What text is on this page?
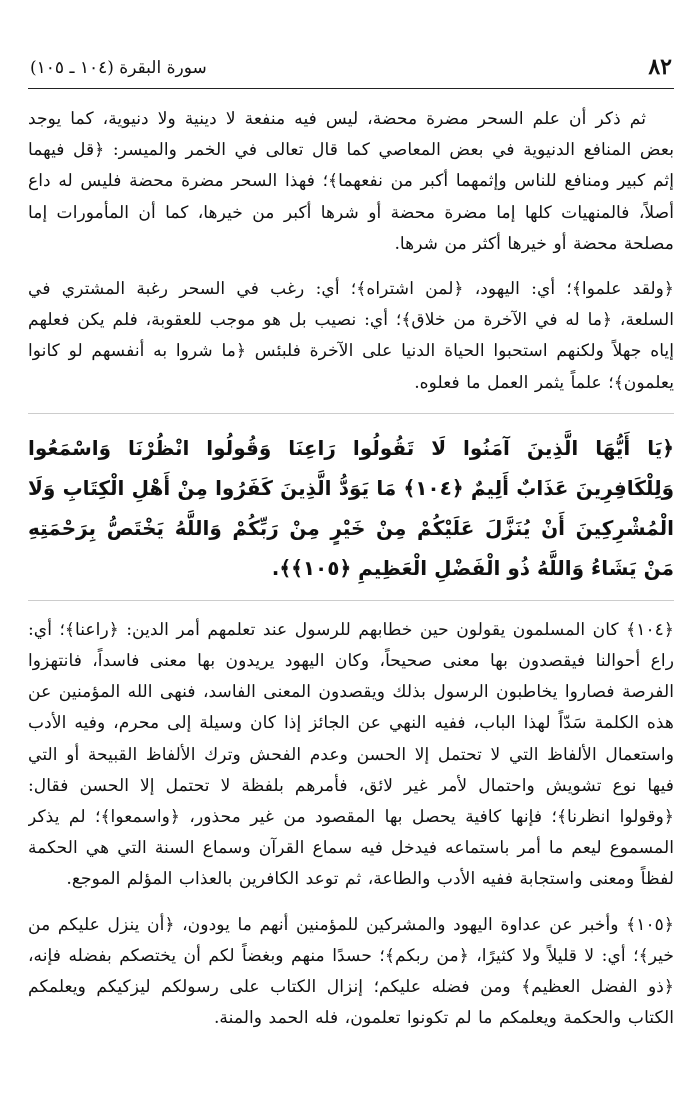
٨٢
سورة البقرة (١٠٤ ـ ١٠٥)

ثم ذكر أن علم السحر مضرة محضة، ليس فيه منفعة لا دينية ولا دنيوية، كما يوجد بعض المنافع الدنيوية في بعض المعاصي كما قال تعالى في الخمر والميسر: ﴿قل فيهما إثم كبير ومنافع للناس وإثمهما أكبر من نفعهما﴾؛ فهذا السحر مضرة محضة فليس له داع أصلاً، فالمنهيات كلها إما مضرة محضة أو شرها أكبر من خيرها، كما أن المأمورات إما مصلحة محضة أو خيرها أكثر من شرها.

﴿ولقد علموا﴾؛ أي: اليهود، ﴿لمن اشتراه﴾؛ أي: رغب في السحر رغبة المشتري في السلعة، ﴿ما له في الآخرة من خلاق﴾؛ أي: نصيب بل هو موجب للعقوبة، فلم يكن فعلهم إياه جهلاً ولكنهم استحبوا الحياة الدنيا على الآخرة فلبئس ﴿ما شروا به أنفسهم لو كانوا يعلمون﴾؛ علماً يثمر العمل ما فعلوه.

﴿يَا أَيُّهَا الَّذِينَ آمَنُوا لَا تَقُولُوا رَاعِنَا وَقُولُوا انْظُرْنَا وَاسْمَعُوا وَلِلْكَافِرِينَ عَذَابٌ أَلِيمٌ ﴿١٠٤﴾ مَا يَوَدُّ الَّذِينَ كَفَرُوا مِنْ أَهْلِ الْكِتَابِ وَلَا الْمُشْرِكِينَ أَنْ يُنَزَّلَ عَلَيْكُمْ مِنْ خَيْرٍ مِنْ رَبِّكُمْ وَاللَّهُ يَخْتَصُّ بِرَحْمَتِهِ مَنْ يَشَاءُ وَاللَّهُ ذُو الْفَضْلِ الْعَظِيمِ ﴿١٠٥﴾﴾.

﴿١٠٤﴾ كان المسلمون يقولون حين خطابهم للرسول عند تعلمهم أمر الدين: ﴿راعنا﴾؛ أي: راع أحوالنا فيقصدون بها معنى صحيحاً، وكان اليهود يريدون بها معنى فاسداً، فانتهزوا الفرصة فصاروا يخاطبون الرسول بذلك ويقصدون المعنى الفاسد، فنهى الله المؤمنين عن هذه الكلمة سَدّاً لهذا الباب، ففيه النهي عن الجائز إذا كان وسيلة إلى محرم، وفيه الأدب واستعمال الألفاظ التي لا تحتمل إلا الحسن وعدم الفحش وترك الألفاظ القبيحة أو التي فيها نوع تشويش واحتمال لأمر غير لائق، فأمرهم بلفظة لا تحتمل إلا الحسن فقال: ﴿وقولوا انظرنا﴾؛ فإنها كافية يحصل بها المقصود من غير محذور، ﴿واسمعوا﴾؛ لم يذكر المسموع ليعم ما أمر باستماعه فيدخل فيه سماع القرآن وسماع السنة التي هي الحكمة لفظاً ومعنى واستجابة ففيه الأدب والطاعة، ثم توعد الكافرين بالعذاب المؤلم الموجع.

﴿١٠٥﴾ وأخبر عن عداوة اليهود والمشركين للمؤمنين أنهم ما يودون، ﴿أن ينزل عليكم من خير﴾؛ أي: لا قليلاً ولا كثيرًا، ﴿من ربكم﴾؛ حسدًا منهم وبغضاً لكم أن يختصكم بفضله فإنه، ﴿ذو الفضل العظيم﴾ ومن فضله عليكم؛ إنزال الكتاب على رسولكم ليزكيكم ويعلمكم الكتاب والحكمة ويعلمكم ما لم تكونوا تعلمون، فله الحمد والمنة.
